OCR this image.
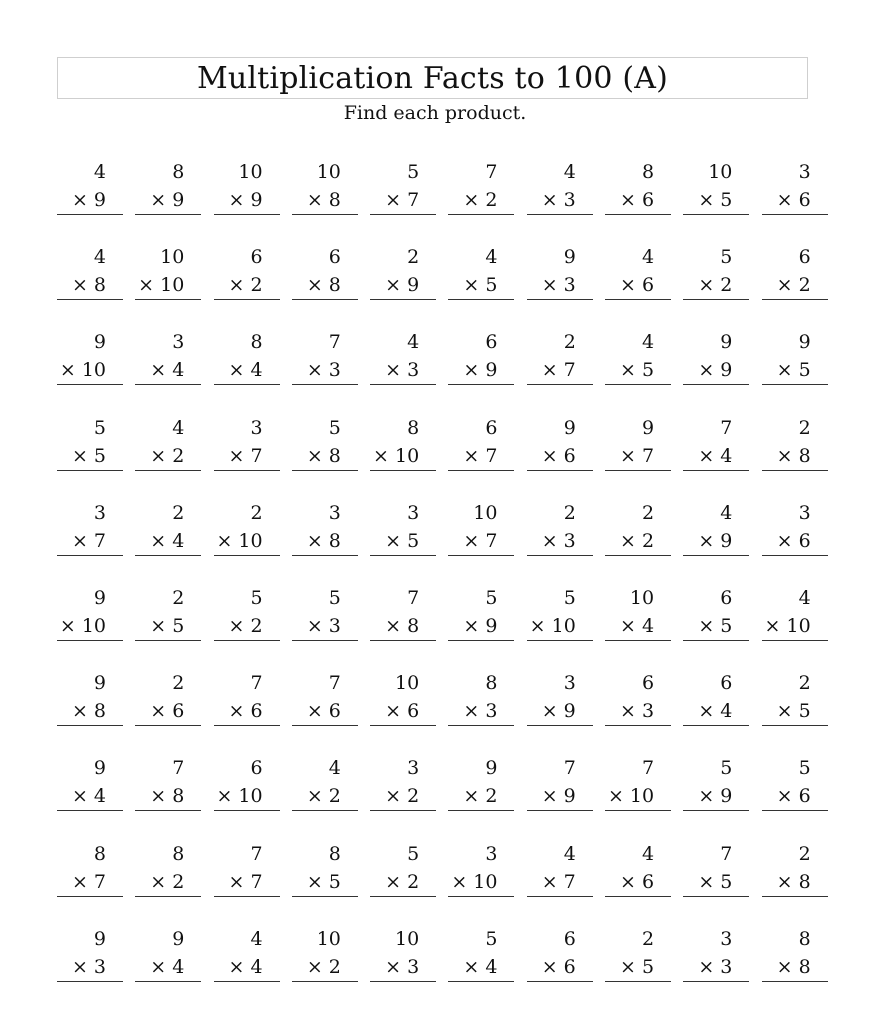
Multiplication Facts to 100 (A)
Find each product.
4
× 9
8
× 9
10
× 9
10
× 8
5
× 7
7
× 2
4
× 3
8
× 6
10
× 5
3
× 6
4
× 8
10
× 10
6
× 2
6
× 8
2
× 9
4
× 5
9
× 3
4
× 6
5
× 2
6
× 2
9
× 10
3
× 4
8
× 4
7
× 3
4
× 3
6
× 9
2
× 7
4
× 5
9
× 9
9
× 5
5
× 5
4
× 2
3
× 7
5
× 8
8
× 10
6
× 7
9
× 6
9
× 7
7
× 4
2
× 8
3
× 7
2
× 4
2
× 10
3
× 8
3
× 5
10
× 7
2
× 3
2
× 2
4
× 9
3
× 6
9
× 10
2
× 5
5
× 2
5
× 3
7
× 8
5
× 9
5
× 10
10
× 4
6
× 5
4
× 10
9
× 8
2
× 6
7
× 6
7
× 6
10
× 6
8
× 3
3
× 9
6
× 3
6
× 4
2
× 5
9
× 4
7
× 8
6
× 10
4
× 2
3
× 2
9
× 2
7
× 9
7
× 10
5
× 9
5
× 6
8
× 7
8
× 2
7
× 7
8
× 5
5
× 2
3
× 10
4
× 7
4
× 6
7
× 5
2
× 8
9
× 3
9
× 4
4
× 4
10
× 2
10
× 3
5
× 4
6
× 6
2
× 5
3
× 3
8
× 8
